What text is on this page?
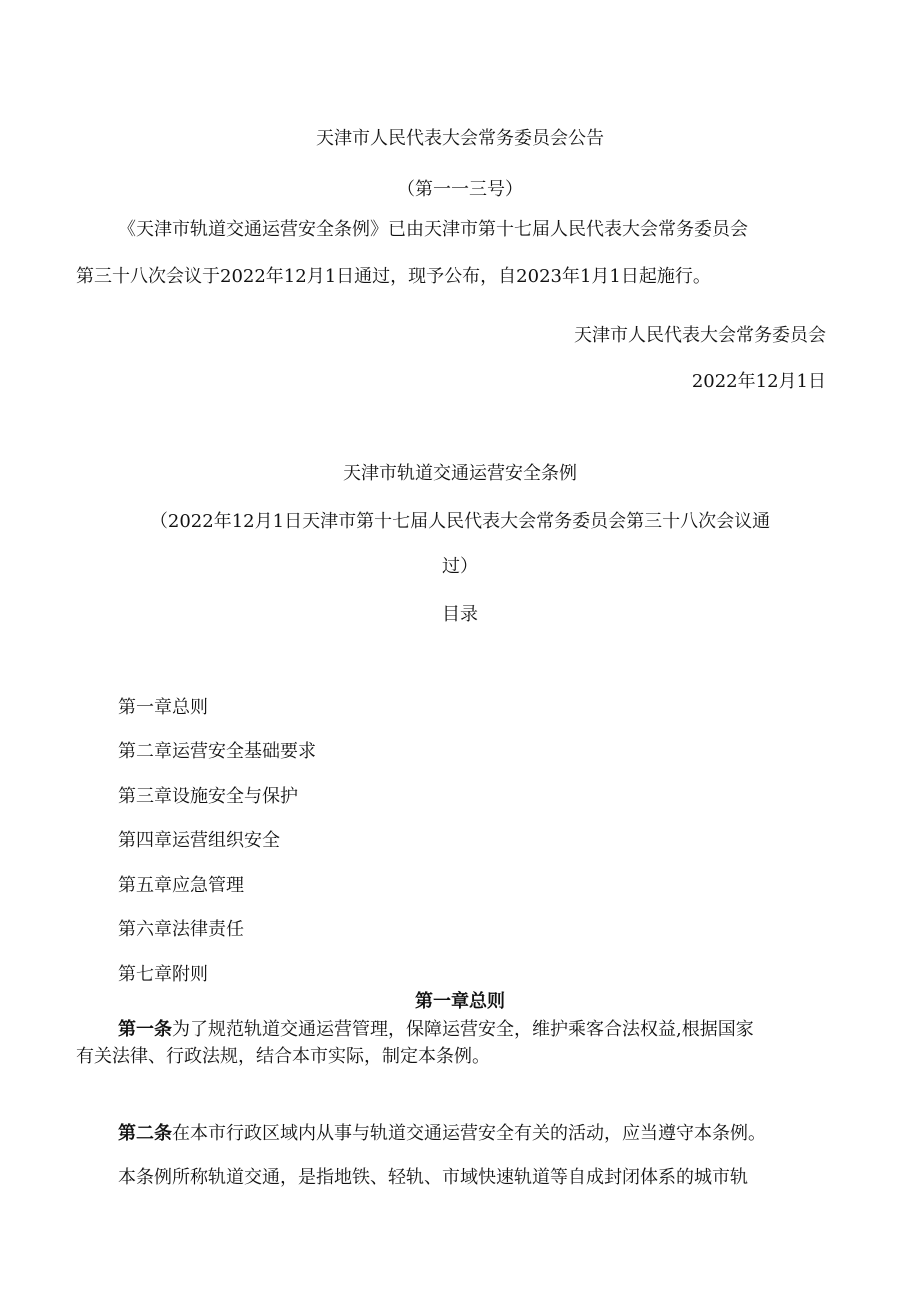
天津市人民代表大会常务委员会公告
（第一一三号）
《天津市轨道交通运营安全条例》已由天津市第十七届人民代表大会常务委员会
第三十八次会议于2022年12月1日通过，现予公布，自2023年1月1日起施行。
天津市人民代表大会常务委员会
2022年12月1日
天津市轨道交通运营安全条例
（2022年12月1日天津市第十七届人民代表大会常务委员会第三十八次会议通
过）
目录
第一章总则
第二章运营安全基础要求
第三章设施安全与保护
第四章运营组织安全
第五章应急管理
第六章法律责任
第七章附则
第一章总则
第一条为了规范轨道交通运营管理，保障运营安全，维护乘客合法权益,根据国家
有关法律、行政法规，结合本市实际，制定本条例。
第二条在本市行政区域内从事与轨道交通运营安全有关的活动，应当遵守本条例。
本条例所称轨道交通，是指地铁、轻轨、市域快速轨道等自成封闭体系的城市轨
